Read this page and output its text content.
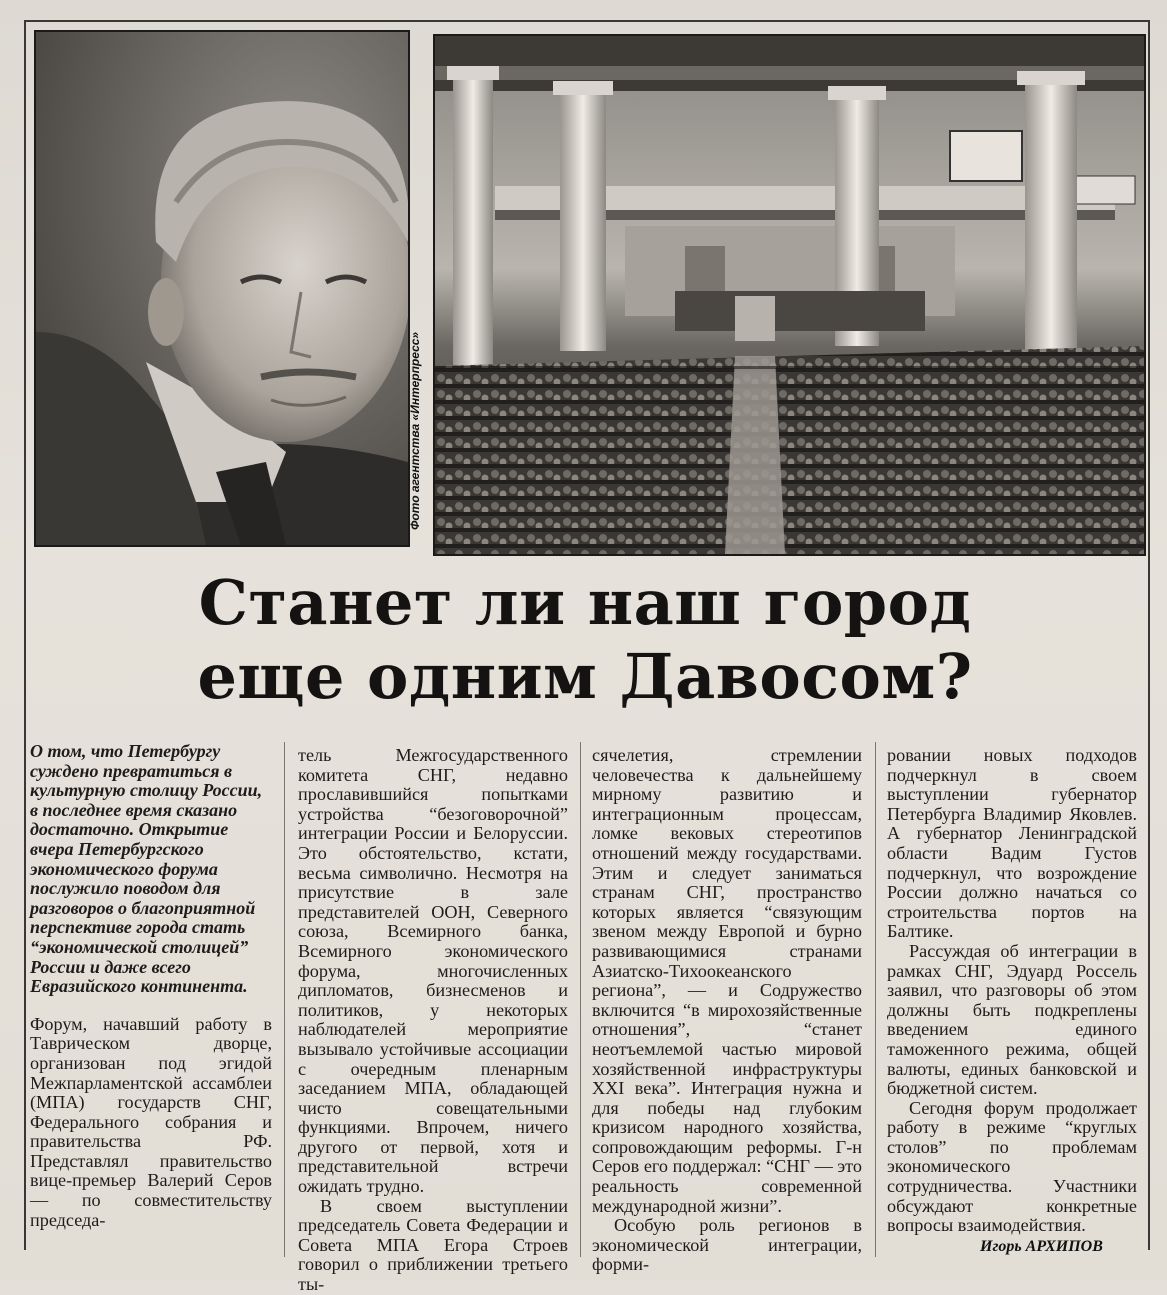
Фото агентства «Интерпресс»
Станет ли наш город
еще одним Давосом?

О том, что Петербургу суждено превратиться в культурную столицу России, в последнее время сказано достаточно. Открытие вчера Петербургского экономического форума послужило поводом для разговоров о благоприятной перспективе города стать “экономической столицей” России и даже всего Евразийского континента.

Форум, начавший работу в Таврическом дворце, организован под эгидой Межпарламентской ассамблеи (МПА) государств СНГ, Федерального собрания и правительства РФ. Представлял правительство вице-премьер Валерий Серов — по совместительству председа-

тель Межгосударственного комитета СНГ, недавно прославившийся попытками устройства “безоговорочной” интеграции России и Белоруссии. Это обстоятельство, кстати, весьма символично. Несмотря на присутствие в зале представителей ООН, Северного союза, Всемирного банка, Всемирного экономического форума, многочисленных дипломатов, бизнесменов и политиков, у некоторых наблюдателей мероприятие вызывало устойчивые ассоциации с очередным пленарным заседанием МПА, обладающей чисто совещательными функциями. Впрочем, ничего другого от первой, хотя и представительной встречи ожидать трудно.

В своем выступлении председатель Совета Федерации и Совета МПА Егора Строев говорил о приближении третьего ты-

сячелетия, стремлении человечества к дальнейшему мирному развитию и интеграционным процессам, ломке вековых стереотипов отношений между государствами. Этим и следует заниматься странам СНГ, пространство которых является “связующим звеном между Европой и бурно развивающимися странами Азиатско-Тихоокеанского региона”, — и Содружество включится “в мирохозяйственные отношения”, “станет неотъемлемой частью мировой хозяйственной инфраструктуры XXI века”. Интеграция нужна и для победы над глубоким кризисом народного хозяйства, сопровождающим реформы. Г-н Серов его поддержал: “СНГ — это реальность современной международной жизни”.

Особую роль регионов в экономической интеграции, форми-

ровании новых подходов подчеркнул в своем выступлении губернатор Петербурга Владимир Яковлев. А губернатор Ленинградской области Вадим Густов подчеркнул, что возрождение России должно начаться со строительства портов на Балтике.

Рассуждая об интеграции в рамках СНГ, Эдуард Россель заявил, что разговоры об этом должны быть подкреплены введением единого таможенного режима, общей валюты, единых банковской и бюджетной систем.

Сегодня форум продолжает работу в режиме “круглых столов” по проблемам экономического сотрудничества. Участники обсуждают конкретные вопросы взаимодействия.

Игорь АРХИПОВ
